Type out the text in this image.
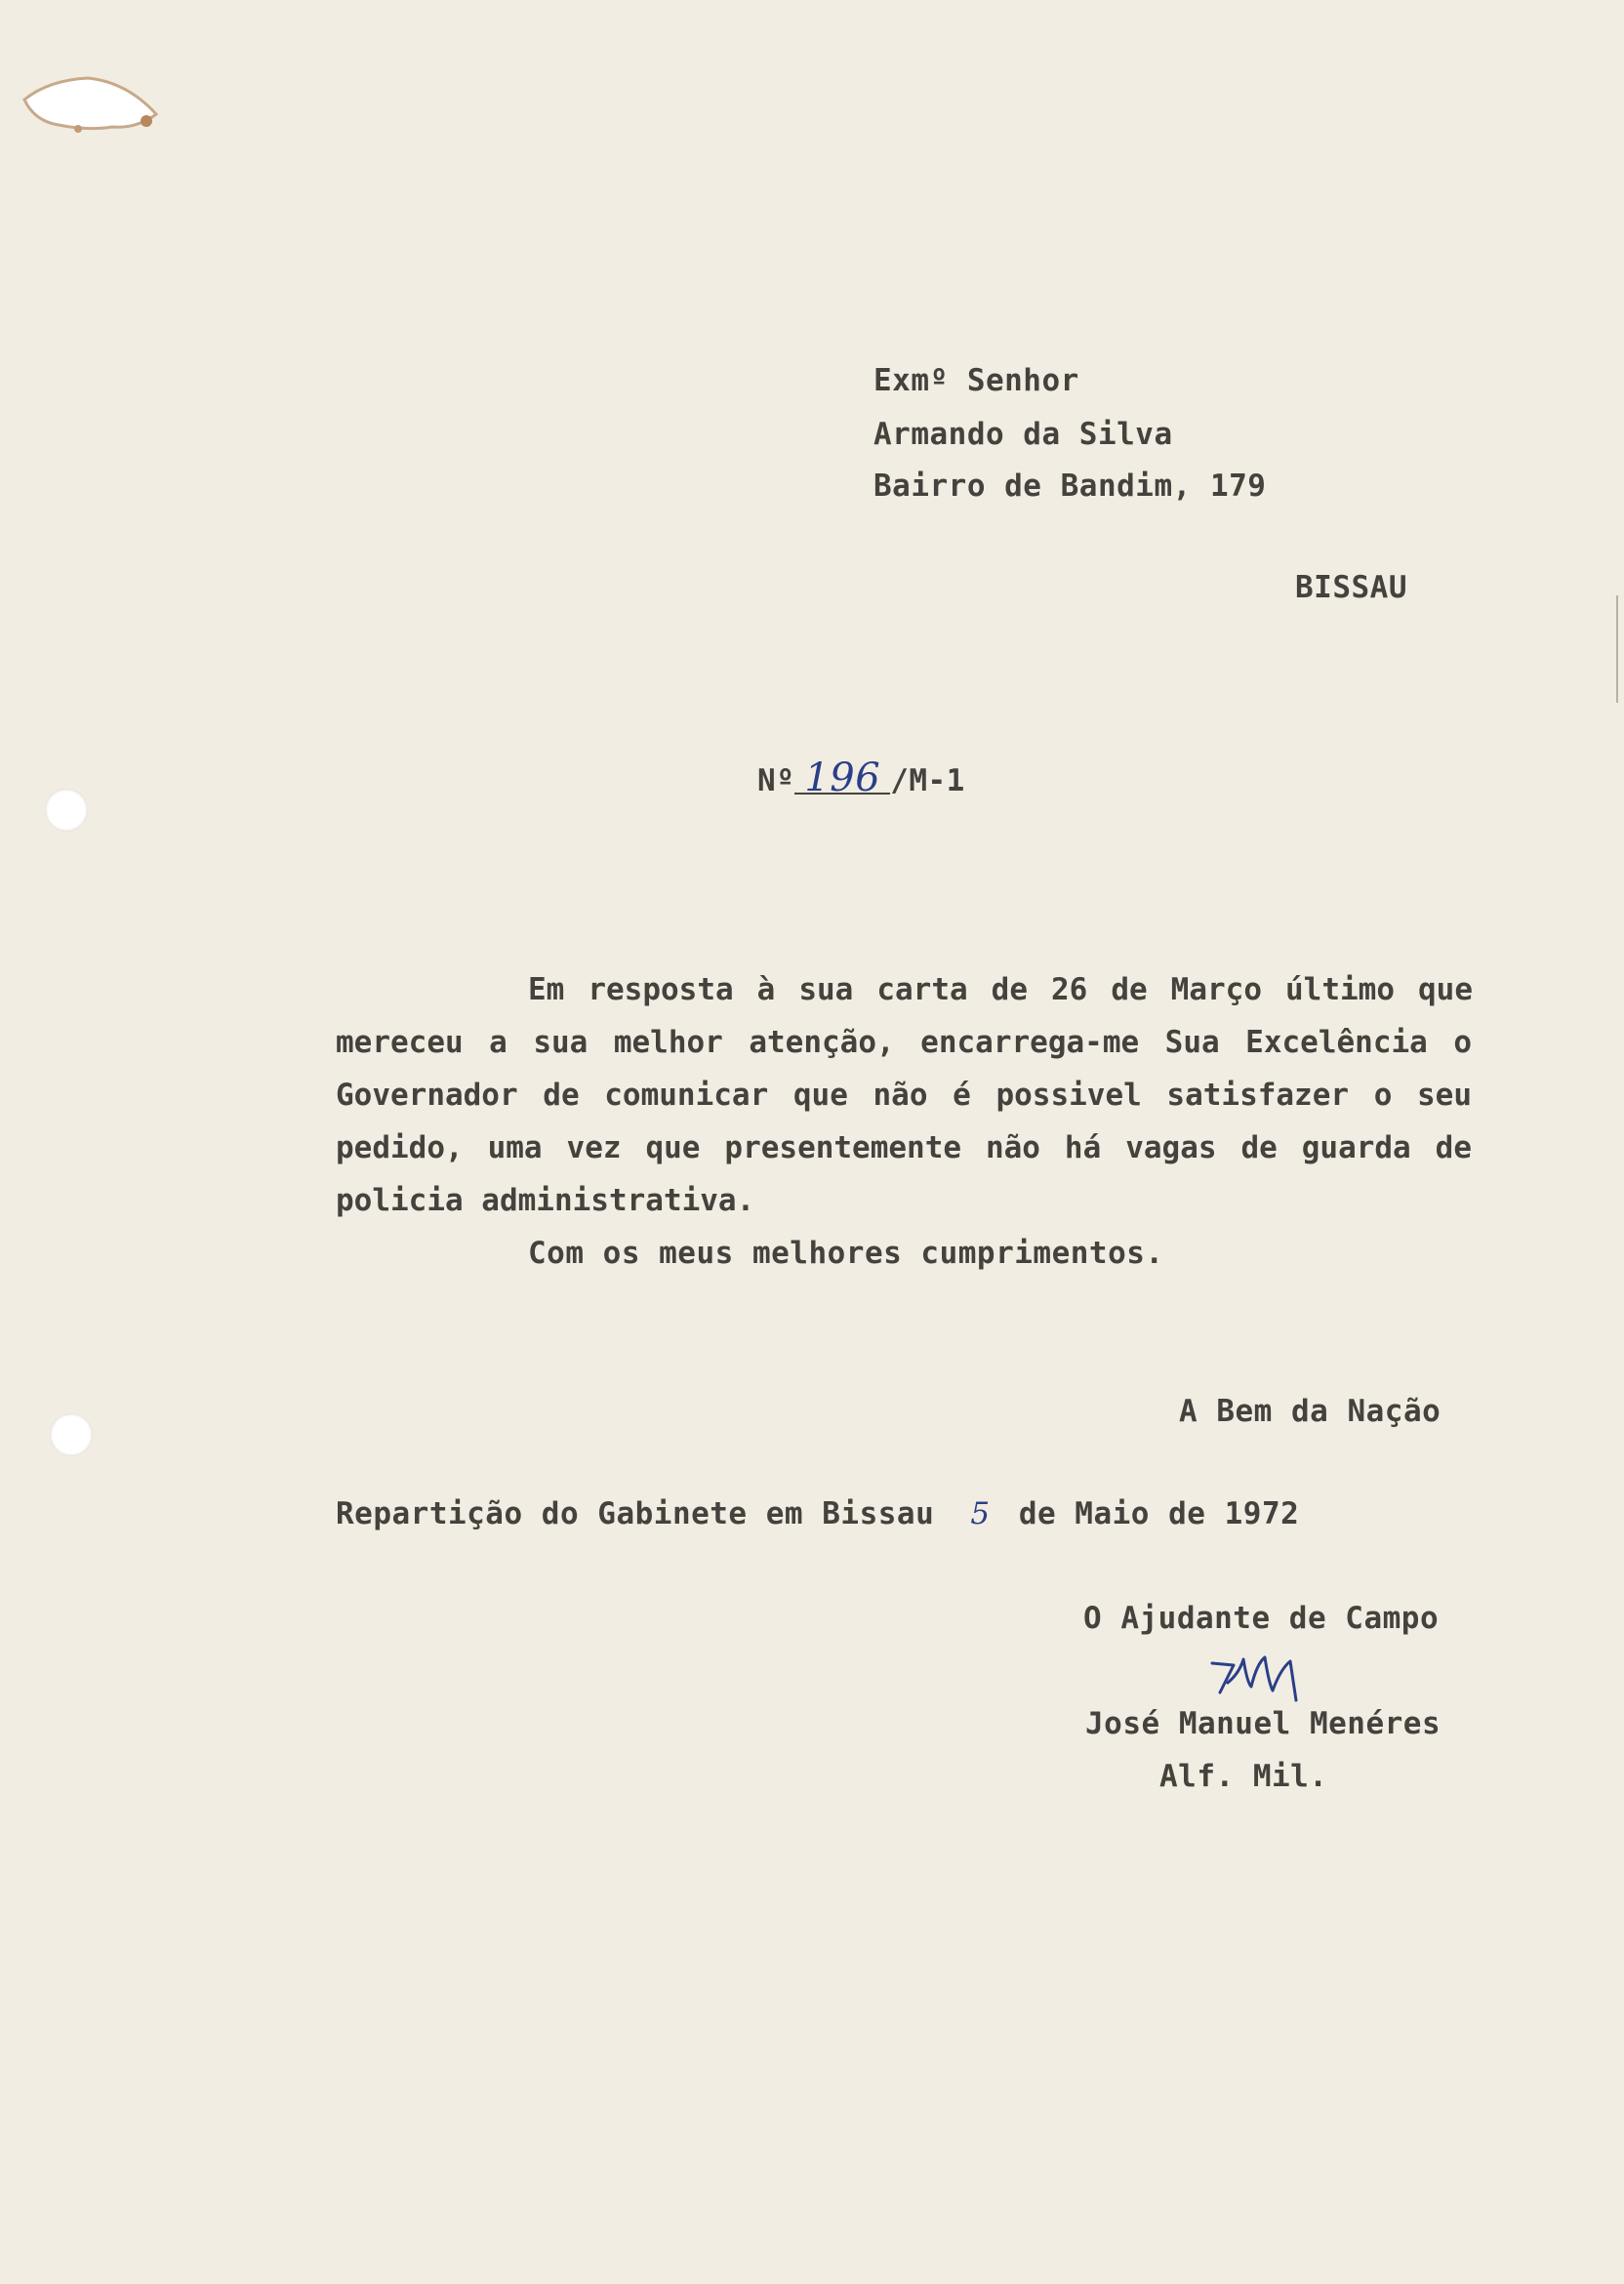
Exmº Senhor
Armando da Silva
Bairro de Bandim, 179
BISSAU
Nº 196 /M-1
Em resposta à sua carta de 26 de Março último que
mereceu a sua melhor atenção, encarrega-me Sua Excelência o
Governador de comunicar que não é possivel satisfazer o seu
pedido, uma vez que presentemente não há vagas de guarda de
policia administrativa.
Com os meus melhores cumprimentos.
A Bem da Nação
Repartição do Gabinete em Bissau 5 de Maio de 1972
O Ajudante de Campo
José Manuel Menéres
Alf. Mil.
